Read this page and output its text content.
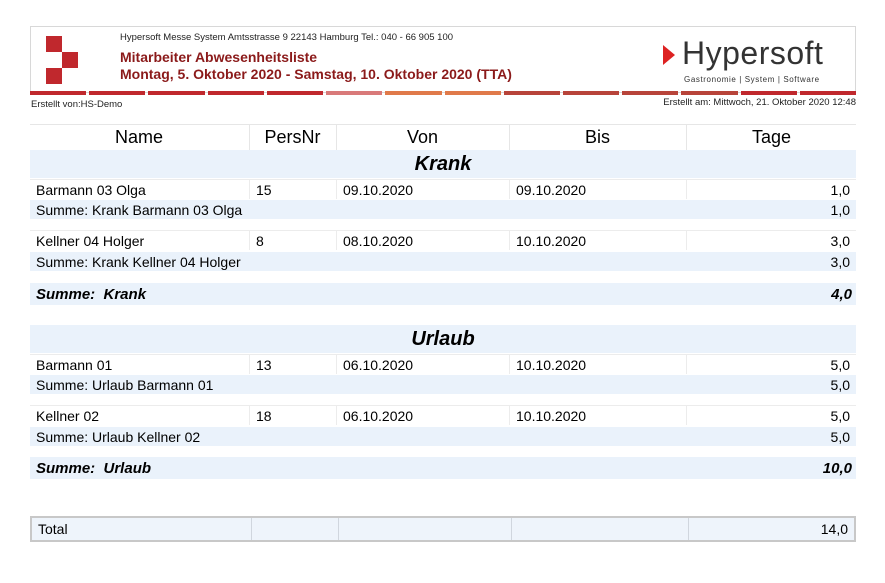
Hypersoft Messe System Amtsstrasse 9 22143 Hamburg Tel.: 040 - 66 905 100
Mitarbeiter Abwesenheitsliste
Montag, 5. Oktober 2020 - Samstag, 10. Oktober 2020 (TTA)
Hypersoft
Gastronomie | System | Software
Erstellt von:HS-Demo	Erstellt am: Mittwoch, 21. Oktober 2020 12:48
Name	PersNr	Von	Bis	Tage
Krank
Barmann 03 Olga	15	09.10.2020	09.10.2020	1,0
Summe: Krank Barmann 03 Olga	1,0
Kellner 04 Holger	8	08.10.2020	10.10.2020	3,0
Summe: Krank Kellner 04 Holger	3,0
Summe:  Krank	4,0
Urlaub
Barmann 01	13	06.10.2020	10.10.2020	5,0
Summe: Urlaub Barmann 01	5,0
Kellner 02	18	06.10.2020	10.10.2020	5,0
Summe: Urlaub Kellner 02	5,0
Summe:  Urlaub	10,0
Total	14,0
